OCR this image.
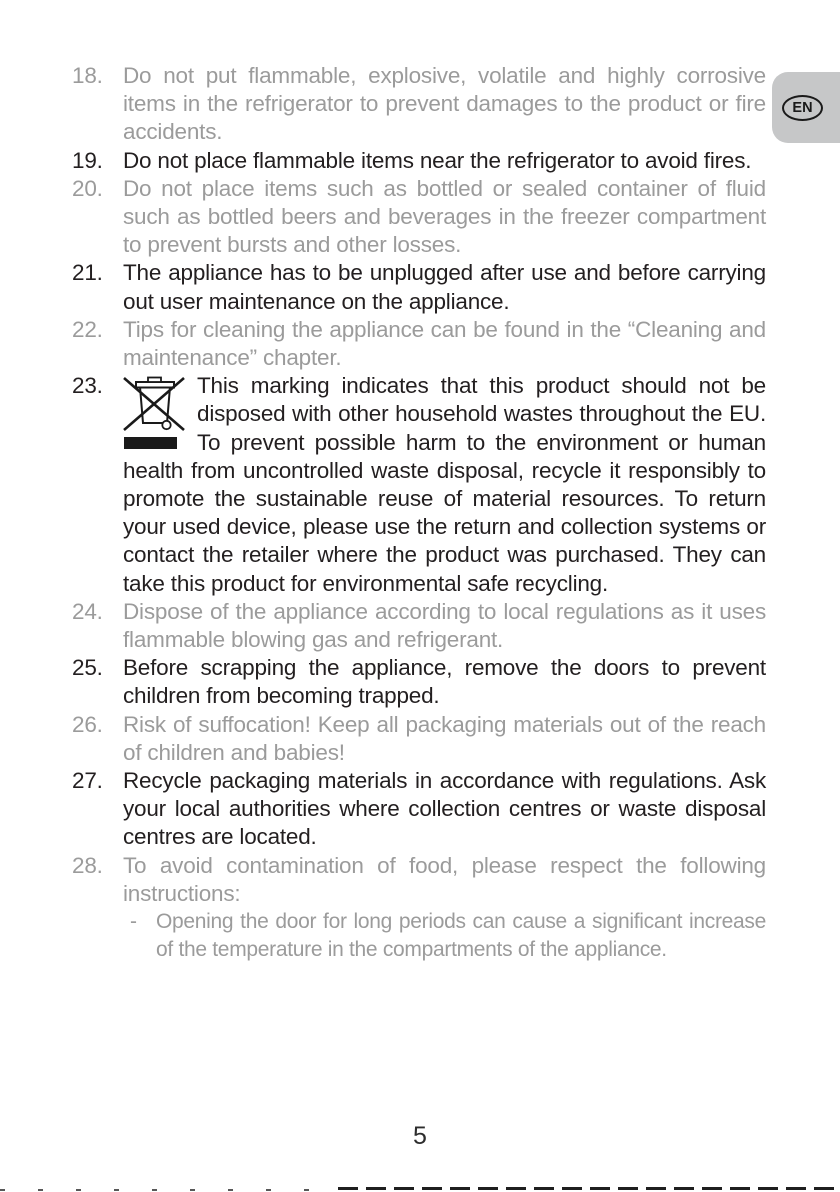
EN
18. Do not put flammable, explosive, volatile and highly corrosive items in the refrigerator to prevent damages to the product or fire accidents.
19. Do not place flammable items near the refrigerator to avoid fires.
20. Do not place items such as bottled or sealed container of fluid such as bottled beers and beverages in the freezer compartment to prevent bursts and other losses.
21. The appliance has to be unplugged after use and before carrying out user maintenance on the appliance.
22. Tips for cleaning the appliance can be found in the “Cleaning and maintenance” chapter.
23.	This marking indicates that this product should not be disposed with other household wastes throughout the EU. To prevent possible harm to the environment or human health from uncontrolled waste disposal, recycle it responsibly to promote the sustainable reuse of material resources. To return your used device, please use the return and collection systems or contact the retailer where the product was purchased. They can take this product for environmental safe recycling.
24. Dispose of the appliance according to local regulations as it uses flammable blowing gas and refrigerant.
25. Before scrapping the appliance, remove the doors to prevent children from becoming trapped.
26. Risk of suffocation! Keep all packaging materials out of the reach of children and babies!
27. Recycle packaging materials in accordance with regulations. Ask your local authorities where collection centres or waste disposal centres are located.
28. To avoid contamination of food, please respect the following instructions:
- Opening the door for long periods can cause a significant increase of the temperature in the compartments of the appliance.
5
